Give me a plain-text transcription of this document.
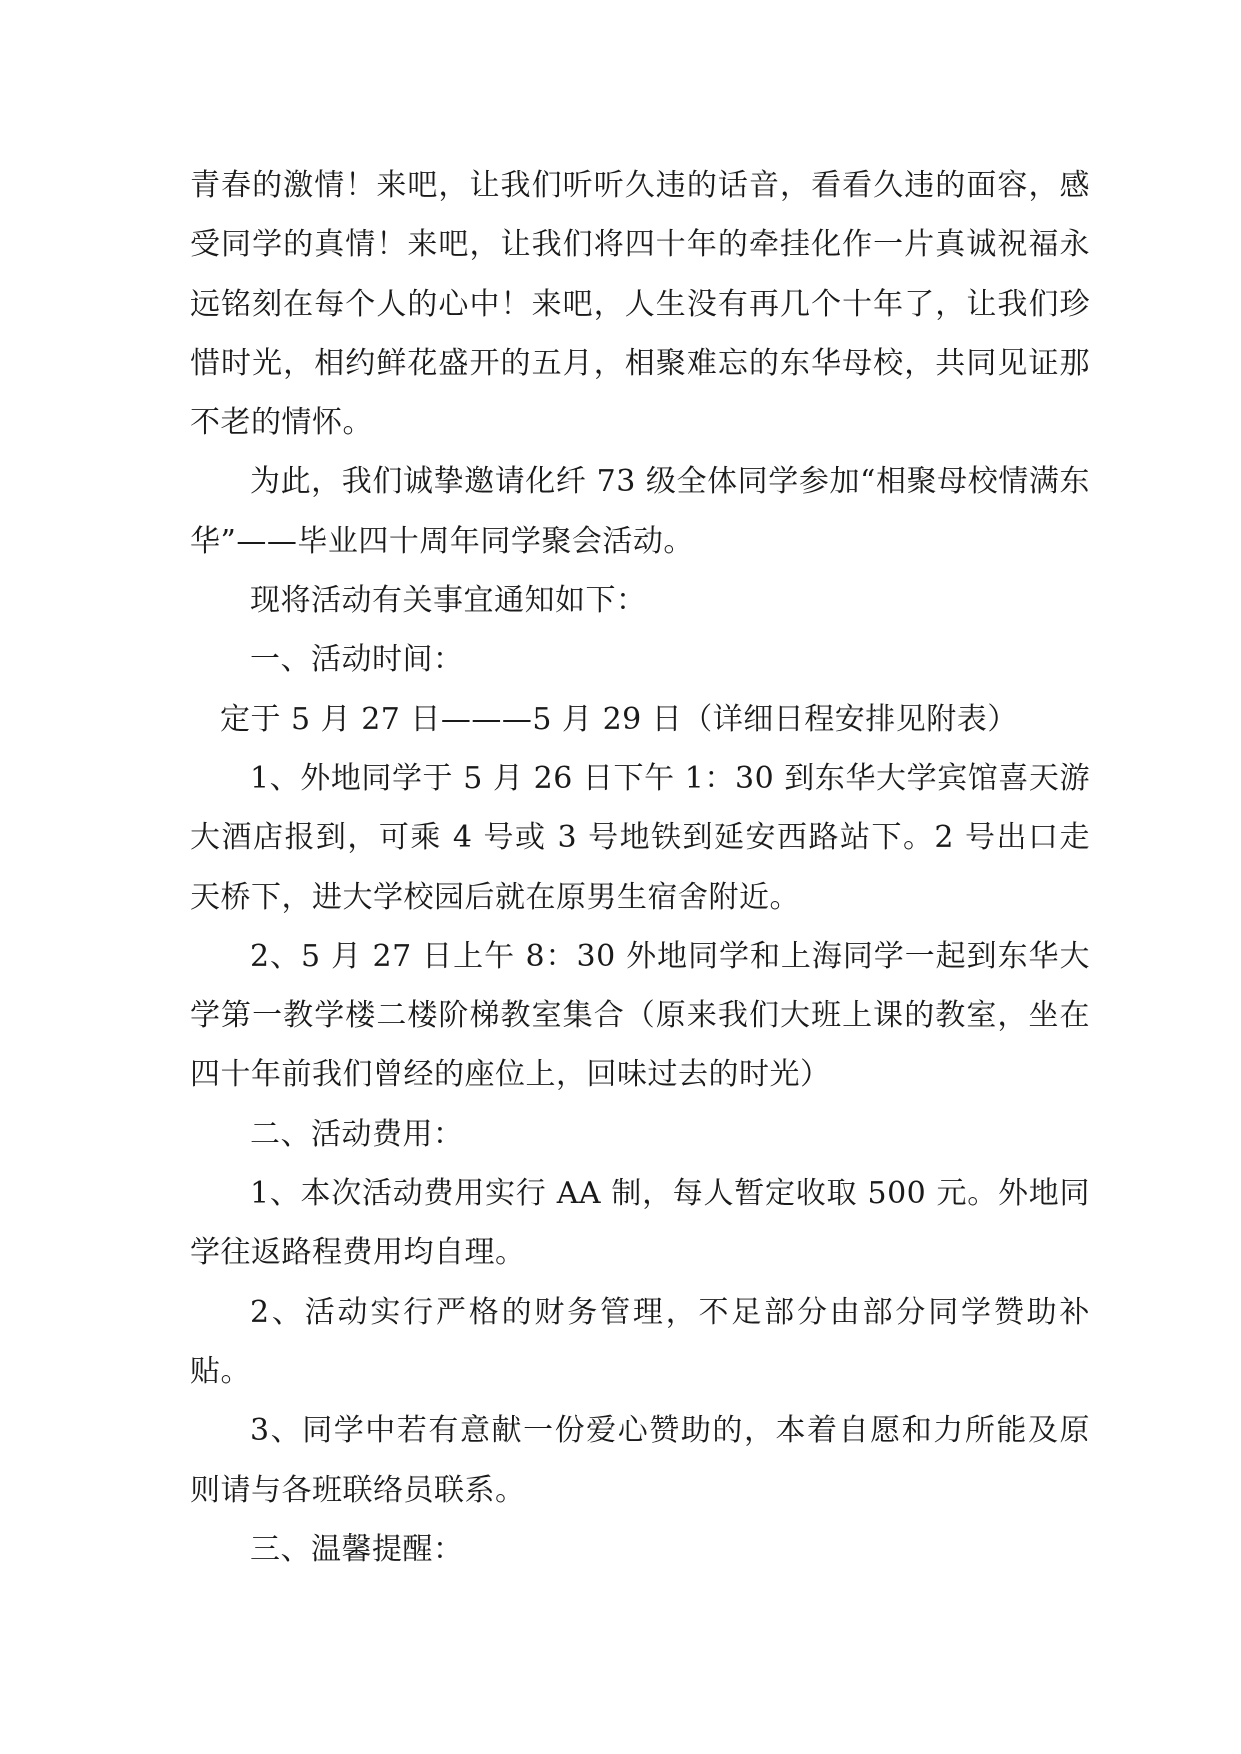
青春的激情！来吧，让我们听听久违的话音，看看久违的面容，感受同学的真情！来吧，让我们将四十年的牵挂化作一片真诚祝福永远铭刻在每个人的心中！来吧，人生没有再几个十年了，让我们珍惜时光，相约鲜花盛开的五月，相聚难忘的东华母校，共同见证那不老的情怀。

为此，我们诚挚邀请化纤 73 级全体同学参加“相聚母校情满东华”——毕业四十周年同学聚会活动。

现将活动有关事宜通知如下：

一、活动时间：

定于 5 月 27 日———5 月 29 日（详细日程安排见附表）

1、外地同学于 5 月 26 日下午 1：30 到东华大学宾馆喜天游大酒店报到，可乘 4 号或 3 号地铁到延安西路站下。2 号出口走天桥下，进大学校园后就在原男生宿舍附近。

2、5 月 27 日上午 8：30 外地同学和上海同学一起到东华大学第一教学楼二楼阶梯教室集合（原来我们大班上课的教室，坐在四十年前我们曾经的座位上，回味过去的时光）

二、活动费用：

1、本次活动费用实行 AA 制，每人暂定收取 500 元。外地同学往返路程费用均自理。

2、活动实行严格的财务管理，不足部分由部分同学赞助补贴。

3、同学中若有意献一份爱心赞助的，本着自愿和力所能及原则请与各班联络员联系。

三、温馨提醒：
